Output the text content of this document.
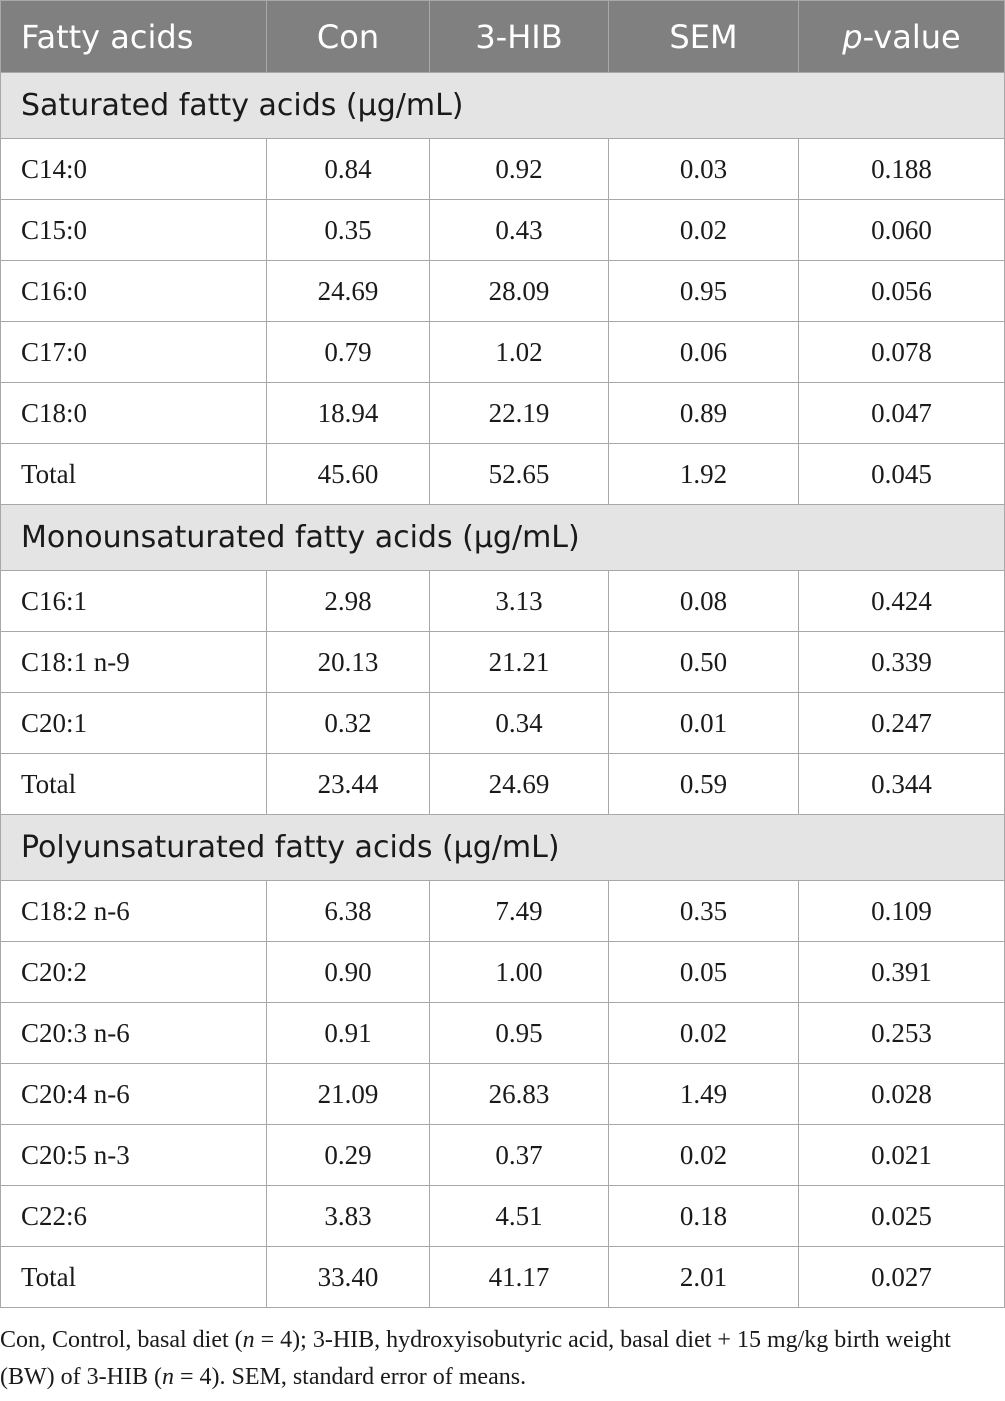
Fatty acids	Con	3-HIB	SEM	p-value
Saturated fatty acids (μg/mL)				
C14:0	0.84	0.92	0.03	0.188
C15:0	0.35	0.43	0.02	0.060
C16:0	24.69	28.09	0.95	0.056
C17:0	0.79	1.02	0.06	0.078
C18:0	18.94	22.19	0.89	0.047
Total	45.60	52.65	1.92	0.045
Monounsaturated fatty acids (μg/mL)				
C16:1	2.98	3.13	0.08	0.424
C18:1 n-9	20.13	21.21	0.50	0.339
C20:1	0.32	0.34	0.01	0.247
Total	23.44	24.69	0.59	0.344
Polyunsaturated fatty acids (μg/mL)				
C18:2 n-6	6.38	7.49	0.35	0.109
C20:2	0.90	1.00	0.05	0.391
C20:3 n-6	0.91	0.95	0.02	0.253
C20:4 n-6	21.09	26.83	1.49	0.028
C20:5 n-3	0.29	0.37	0.02	0.021
C22:6	3.83	4.51	0.18	0.025
Total	33.40	41.17	2.01	0.027
Con, Control, basal diet (n = 4); 3-HIB, hydroxyisobutyric acid, basal diet + 15 mg/kg birth weight (BW) of 3-HIB (n = 4). SEM, standard error of means.
